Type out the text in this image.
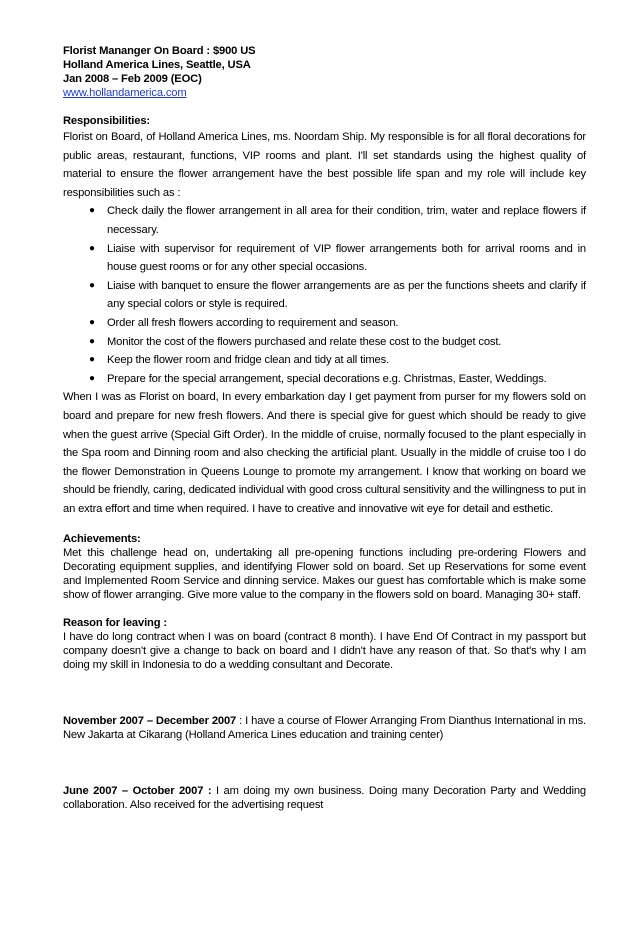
Florist Mananger On Board : $900 US
Holland America Lines, Seattle, USA
Jan 2008 – Feb 2009 (EOC)
www.hollandamerica.com
Responsibilities:
Florist on Board, of Holland America Lines, ms. Noordam Ship. My responsible is for all floral decorations for public areas, restaurant, functions, VIP rooms and plant. I'll set standards using the highest quality of material to ensure the flower arrangement have the best possible life span and my role will include key responsibilities such as :
● Check daily the flower arrangement in all area for their condition, trim, water and replace flowers if necessary.
● Liaise with supervisor for requirement of VIP flower arrangements both for arrival rooms and in house guest rooms or for any other special occasions.
● Liaise with banquet to ensure the flower arrangements are as per the functions sheets and clarify if any special colors or style is required.
● Order all fresh flowers according to requirement and season.
● Monitor the cost of the flowers purchased and relate these cost to the budget cost.
● Keep the flower room and fridge clean and tidy at all times.
● Prepare for the special arrangement, special decorations e.g. Christmas, Easter, Weddings.
When I was as Florist on board, In every embarkation day I get payment from purser for my flowers sold on board and prepare for new fresh flowers. And there is special give for guest which should be ready to give when the guest arrive (Special Gift Order). In the middle of cruise, normally focused to the plant especially in the Spa room and Dinning room and also checking the artificial plant. Usually in the middle of cruise too I do the flower Demonstration in Queens Lounge to promote my arrangement. I know that working on board we should be friendly, caring, dedicated individual with good cross cultural sensitivity and the willingness to put in an extra effort and time when required. I have to creative and innovative wit eye for detail and esthetic.
Achievements:
Met this challenge head on, undertaking all pre-opening functions including pre-ordering Flowers and Decorating equipment supplies, and identifying Flower sold on board. Set up Reservations for some event and Implemented Room Service and dinning service. Makes our guest has comfortable which is make some show of flower arranging. Give more value to the company in the flowers sold on board. Managing 30+ staff.
Reason for leaving :
I have do long contract when I was on board (contract 8 month). I have End Of Contract in my passport but company doesn't give a change to back on board and I didn't have any reason of that. So that's why I am doing my skill in Indonesia to do a wedding consultant and Decorate.
November 2007 – December 2007 : I have a course of Flower Arranging From Dianthus International in ms. New Jakarta at Cikarang (Holland America Lines education and training center)
June 2007 – October 2007 : I am doing my own business. Doing many Decoration Party and Wedding collaboration. Also received for the advertising request
